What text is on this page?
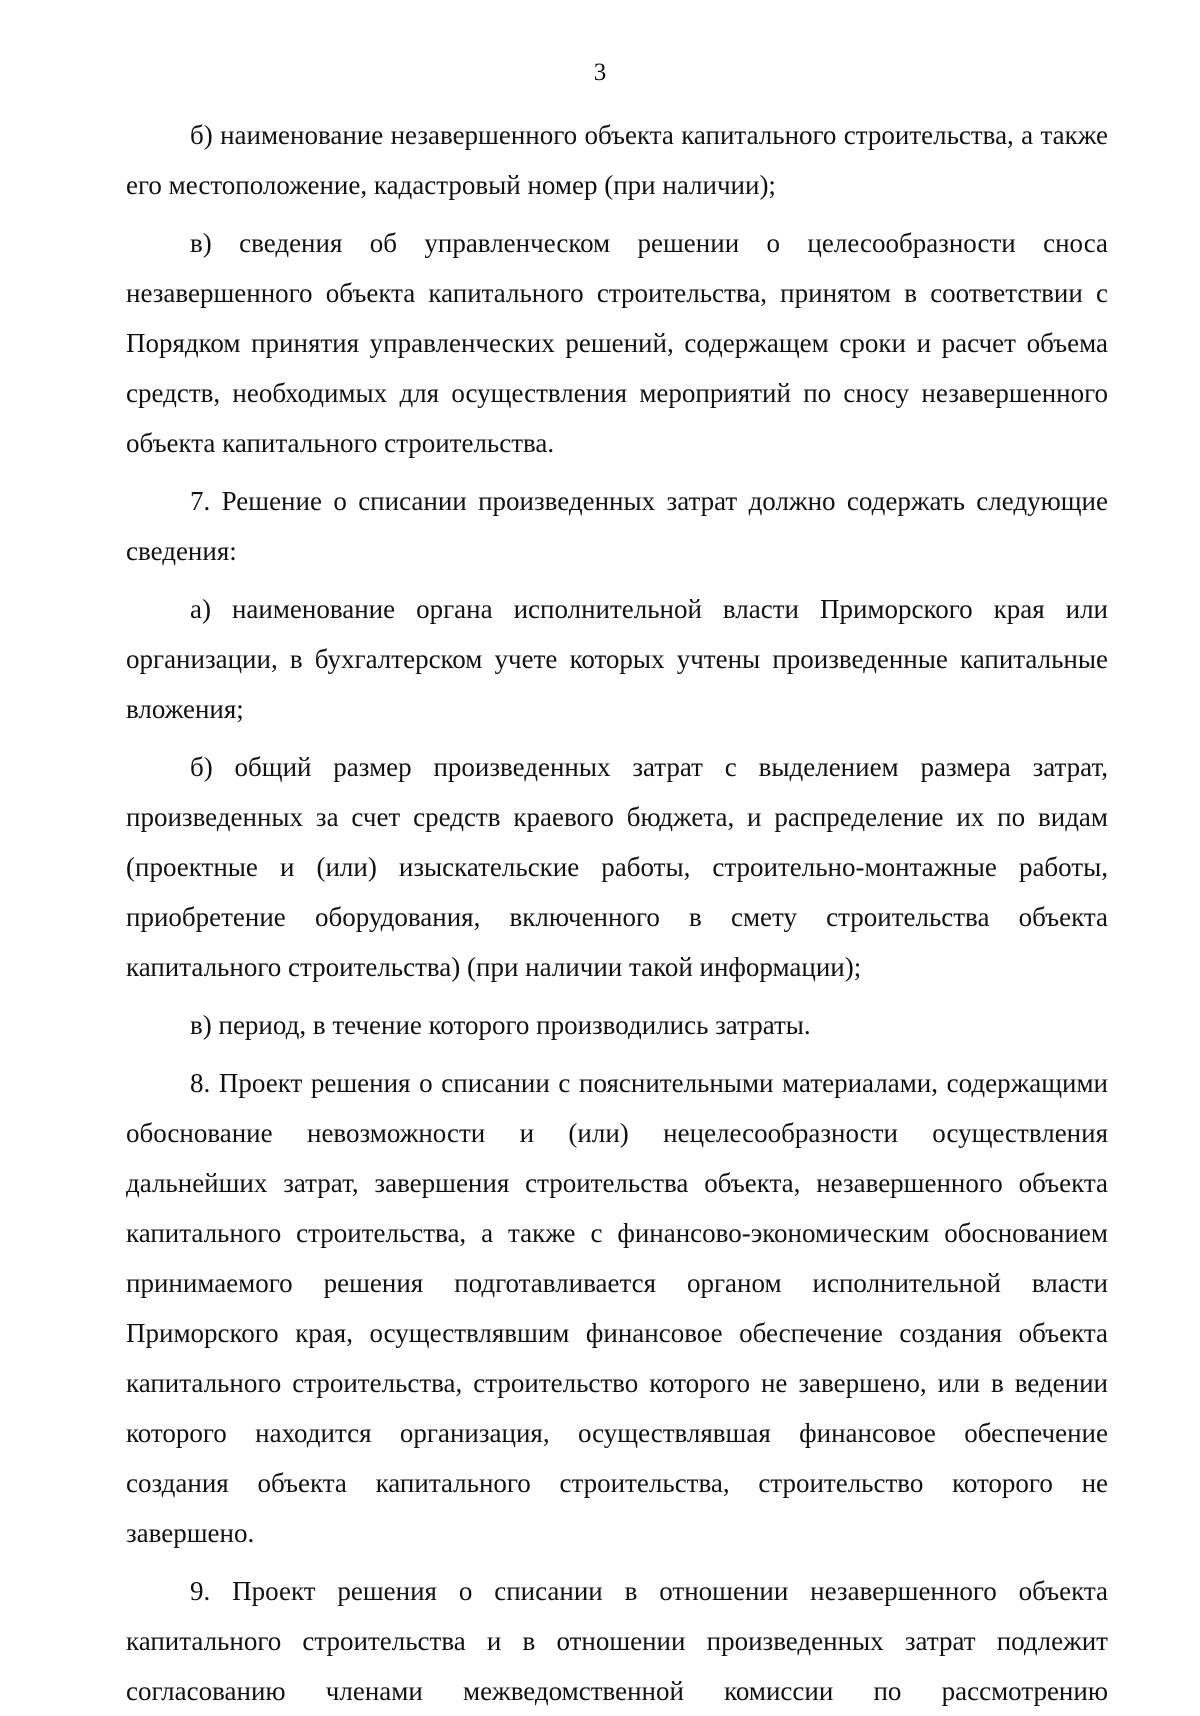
3

б) наименование незавершенного объекта капитального строительства, а также его местоположение, кадастровый номер (при наличии);

в) сведения об управленческом решении о целесообразности сноса незавершенного объекта капитального строительства, принятом в соответствии с Порядком принятия управленческих решений, содержащем сроки и расчет объема средств, необходимых для осуществления мероприятий по сносу незавершенного объекта капитального строительства.

7. Решение о списании произведенных затрат должно содержать следующие сведения:

а) наименование органа исполнительной власти Приморского края или организации, в бухгалтерском учете которых учтены произведенные капитальные вложения;

б) общий размер произведенных затрат с выделением размера затрат, произведенных за счет средств краевого бюджета, и распределение их по видам (проектные и (или) изыскательские работы, строительно-монтажные работы, приобретение оборудования, включенного в смету строительства объекта капитального строительства) (при наличии такой информации);

в) период, в течение которого производились затраты.

8. Проект решения о списании с пояснительными материалами, содержащими обоснование невозможности и (или) нецелесообразности осуществления дальнейших затрат, завершения строительства объекта, незавершенного объекта капитального строительства, а также с финансово-экономическим обоснованием принимаемого решения подготавливается органом исполнительной власти Приморского края, осуществлявшим финансовое обеспечение создания объекта капитального строительства, строительство которого не завершено, или в ведении которого находится организация, осуществлявшая финансовое обеспечение создания объекта капитального строительства, строительство которого не завершено.

9. Проект решения о списании в отношении незавершенного объекта капитального строительства и в отношении произведенных затрат подлежит согласованию членами межведомственной комиссии по рассмотрению
